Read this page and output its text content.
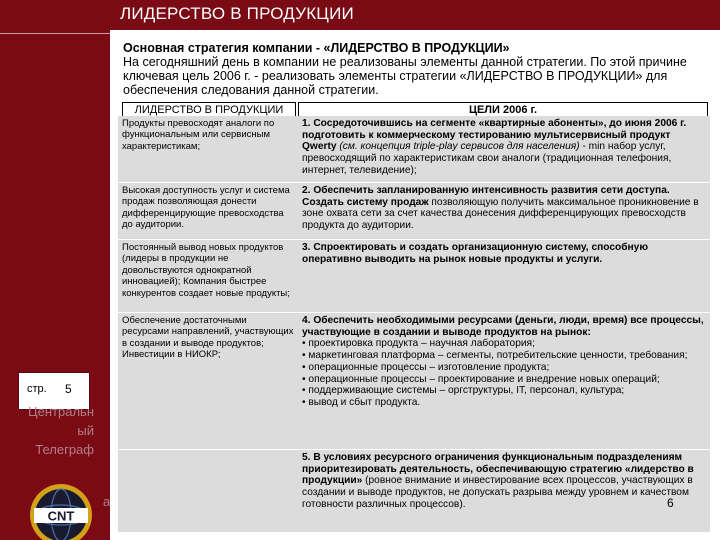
ЛИДЕРСТВО В ПРОДУКЦИИ
стр. 5
Центральн
ый
Телеграф
CNT
а
Основная стратегия компании - «ЛИДЕРСТВО В ПРОДУКЦИИ»
На сегодняшний день в компании не реализованы элементы данной стратегии. По этой причине ключевая цель 2006 г. - реализовать элементы стратегии «ЛИДЕРСТВО В ПРОДУКЦИИ» для обеспечения следования данной стратегии.
ЛИДЕРСТВО В ПРОДУКЦИИ	ЦЕЛИ 2006 г.
Продукты превосходят аналоги по функциональным или сервисным характеристикам;
1. Сосредоточившись на сегменте «квартирные абоненты», до июня 2006 г. подготовить к коммерческому тестированию мультисервисный продукт Qwerty (см. концепция triple-play сервисов для населения) - min набор услуг, превосходящий по характеристикам свои аналоги (традиционная телефония, интернет, телевидение);
Высокая доступность услуг и система продаж позволяющая донести дифференцирующие превосходства до аудитории.
2. Обеспечить запланированную интенсивность развития сети доступа. Создать систему продаж позволяющую получить максимальное проникновение в зоне охвата сети за счет качества донесения дифференцирующих превосходств продукта до аудитории.
Постоянный вывод новых продуктов (лидеры в продукции не довольствуются однократной инновацией); Компания быстрее конкурентов создает новые продукты;
3. Спроектировать и создать организационную систему, способную оперативно выводить на рынок новые продукты и услуги.
Обеспечение достаточными ресурсами направлений, участвующих в создании и выводе продуктов; Инвестиции в НИОКР;
4. Обеспечить необходимыми ресурсами (деньги, люди, время) все процессы, участвующие в создании и выводе продуктов на рынок:
• проектировка продукта – научная лаборатория;
• маркетинговая платформа – сегменты, потребительские ценности, требования;
• операционные процессы – изготовление продукта;
• операционные процессы – проектирование и внедрение новых операций;
• поддерживающие системы – оргструктуры, IT, персонал, культура;
• вывод и сбыт продукта.
5. В условиях ресурсного ограничения функциональным подразделениям приоритезировать деятельность, обеспечивающую стратегию «лидерство в продукции» (ровное внимание и инвестирование всех процессов, участвующих в создании и выводе продуктов, не допускать разрыва между уровнем и качеством готовности различных процессов).	6
